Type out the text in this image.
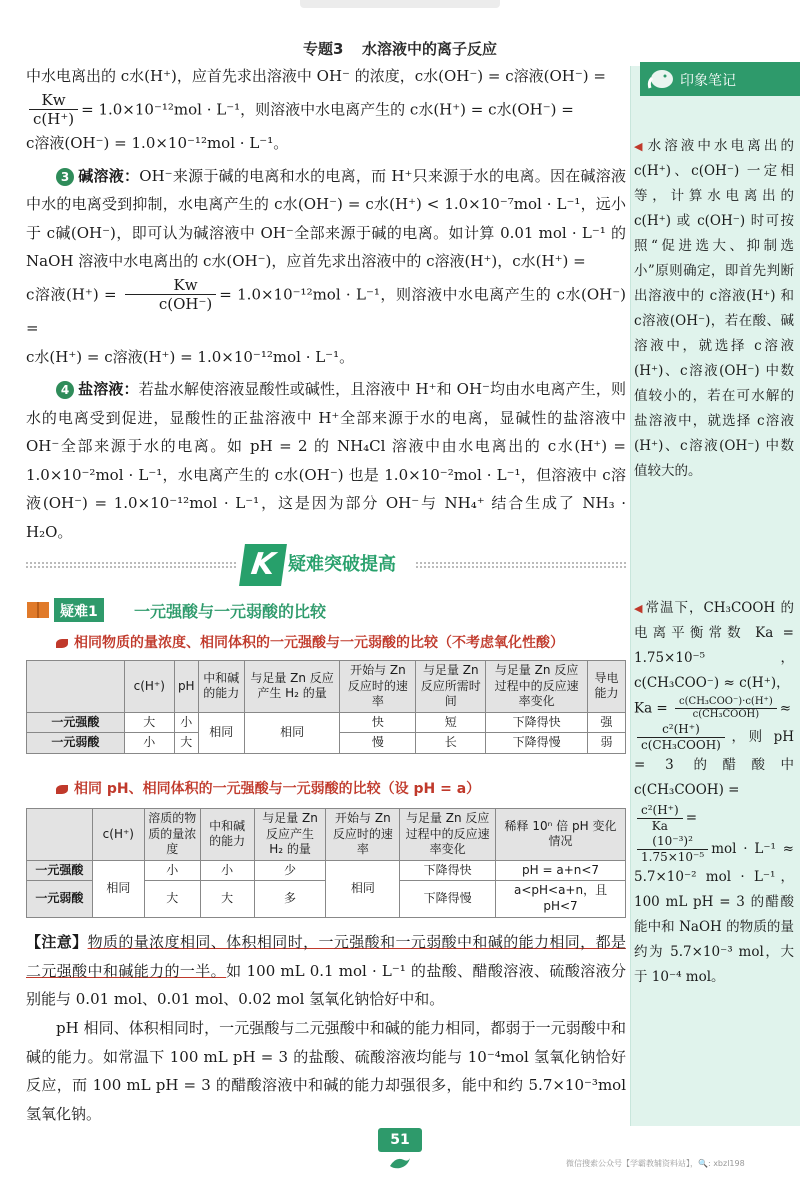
专题3 水溶液中的离子反应

中水电离出的 c水(H⁺)，应首先求出溶液中 OH⁻ 的浓度，c水(OH⁻) = c溶液(OH⁻) =

$\frac{Kw}{c(H^+)} = 1.0\times 10^{-12}mol \cdot L^{-1}$，则溶液中水电离产生的 c水(H⁺) = c水(OH⁻) =
c溶液(OH⁻) = 1.0×10⁻¹²mol · L⁻¹。

3 碱溶液：OH⁻来源于碱的电离和水的电离，而 H⁺只来源于水的电离。因在碱溶液中水的电离受到抑制，水电离产生的 c水(OH⁻) = c水(H⁺) < 1.0×10⁻⁷mol · L⁻¹，远小于 c碱(OH⁻)，即可认为碱溶液中 OH⁻全部来源于碱的电离。如计算 0.01 mol · L⁻¹ 的 NaOH 溶液中水电离出的 c水(OH⁻)，应首先求出溶液中的 c溶液(H⁺)，c水(H⁺) =
c溶液$(H^+) = \frac{Kw}{c(OH^-)} = 1.0\times 10^{-12}mol \cdot L^{-1}$，则溶液中水电离产生的 c水(OH⁻) =
c水(H⁺) = c溶液(H⁺) = 1.0×10⁻¹²mol · L⁻¹。

4 盐溶液：若盐水解使溶液显酸性或碱性，且溶液中 H⁺和 OH⁻均由水电离产生，则水的电离受到促进，显酸性的正盐溶液中 H⁺全部来源于水的电离，显碱性的盐溶液中 OH⁻全部来源于水的电离。如 pH = 2 的 NH₄Cl 溶液中由水电离出的 c水(H⁺) = 1.0×10⁻²mol · L⁻¹，水电离产生的 c水(OH⁻) 也是 1.0×10⁻²mol · L⁻¹，但溶液中 c溶液(OH⁻) = 1.0×10⁻¹²mol · L⁻¹，这是因为部分 OH⁻与 NH₄⁺ 结合生成了 NH₃ · H₂O。

印象笔记
◀ 水溶液中水电离出的 c(H⁺)、c(OH⁻) 一定相等，计算水电离出的 c(H⁺) 或 c(OH⁻) 时可按照“促进选大、抑制选小”原则确定，即首先判断出溶液中的 c溶液(H⁺) 和 c溶液(OH⁻)，若在酸、碱溶液中，就选择 c溶液(H⁺)、c溶液(OH⁻) 中数值较小的，若在可水解的盐溶液中，就选择 c溶液(H⁺)、c溶液(OH⁻) 中数值较大的。
◀ 常温下，CH₃COOH 的电离平衡常数 Ka = 1.75×10⁻⁵，c(CH₃COO⁻) ≈ c(H⁺)，
$Ka = \frac{\text{c(CH₃COO⁻)·c(H⁺)}}{\text{c(CH₃COOH)}}$ ≈

$\frac{\text{c²(H⁺)}}{\text{c(CH₃COOH)}}$ ，则 pH = 3 的醋酸中 c(CH₃COOH) =

$\frac{\text{c²(H⁺)}}{Ka}$ =

$\frac{\text{(10⁻³)²}}{\text{1.75×10⁻⁵}}$ mol · L⁻¹ ≈ 5.7×10⁻² mol · L⁻¹，100 mL pH = 3 的醋酸能中和 NaOH 的物质的量约为 5.7×10⁻³ mol，大于 10⁻⁴ mol。
K 疑难突破提高
疑难1	一元强酸与一元弱酸的比较
相同物质的量浓度、相同体积的一元强酸与一元弱酸的比较（不考虑氧化性酸）
	c(H⁺)	pH	中和碱的能力	与足量 Zn 反应产生 H₂ 的量	开始与 Zn 反应时的速率	与足量 Zn 反应所需时间	与足量 Zn 反应过程中的反应速率变化	导电能力
一元强酸	大	小	相同	相同	快	短	下降得快	强
一元弱酸	小	大			慢	长	下降得慢	弱
相同 pH、相同体积的一元强酸与一元弱酸的比较（设 pH = a）
	c(H⁺)	溶质的物质的量浓度	中和碱的能力	与足量 Zn 反应产生 H₂ 的量	开始与 Zn 反应时的速率	与足量 Zn 反应过程中的反应速率变化	稀释 10ⁿ 倍 pH 变化情况
一元强酸	相同	小	小	少	相同	下降得快	pH = a+n<7
一元弱酸		大	大	多		下降得慢	a<pH<a+n，且 pH<7
【注意】物质的量浓度相同、体积相同时，一元强酸和一元弱酸中和碱的能力相同，都是二元强酸中和碱能力的一半。如 100 mL 0.1 mol · L⁻¹ 的盐酸、醋酸溶液、硫酸溶液分别能与 0.01 mol、0.01 mol、0.02 mol 氢氧化钠恰好中和。
pH 相同、体积相同时，一元强酸与二元强酸中和碱的能力相同，都弱于一元弱酸中和碱的能力。如常温下 100 mL pH = 3 的盐酸、硫酸溶液均能与 10⁻⁴mol 氢氧化钠恰好反应，而 100 mL pH = 3 的醋酸溶液中和碱的能力却强很多，能中和约 5.7×10⁻³mol 氢氧化钠。
51
微信搜索公众号【学霸教辅资料站】，🔍: xbzl198
